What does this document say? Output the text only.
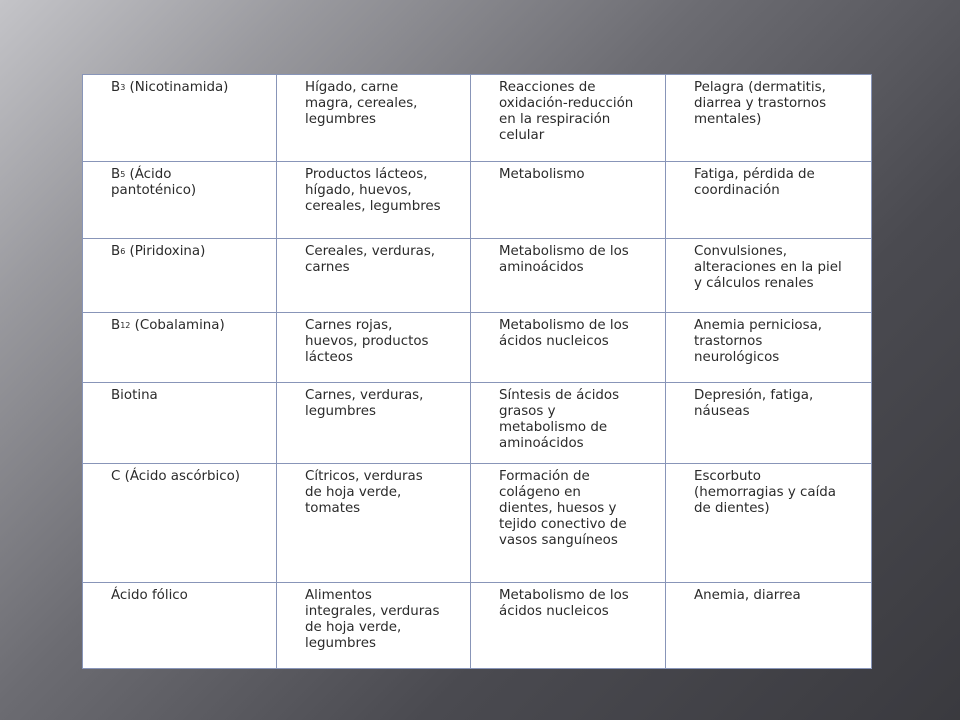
$B_3$ (Nicotinamida)	Hígado, carne magra, cereales, legumbres	Reacciones de oxidación-reducción en la respiración celular	Pelagra (dermatitis, diarrea y trastornos mentales)
$B_5$ (Ácido pantoténico)	Productos lácteos, hígado, huevos, cereales, legumbres	Metabolismo	Fatiga, pérdida de coordinación
$B_6$ (Piridoxina)	Cereales, verduras, carnes	Metabolismo de los aminoácidos	Convulsiones, alteraciones en la piel y cálculos renales
$B_{12}$ (Cobalamina)	Carnes rojas, huevos, productos lácteos	Metabolismo de los ácidos nucleicos	Anemia perniciosa, trastornos neurológicos
Biotina	Carnes, verduras, legumbres	Síntesis de ácidos grasos y metabolismo de aminoácidos	Depresión, fatiga, náuseas
C (Ácido ascórbico)	Cítricos, verduras de hoja verde, tomates	Formación de colágeno en dientes, huesos y tejido conectivo de vasos sanguíneos	Escorbuto (hemorragias y caída de dientes)
Ácido fólico	Alimentos integrales, verduras de hoja verde, legumbres	Metabolismo de los ácidos nucleicos	Anemia, diarrea
